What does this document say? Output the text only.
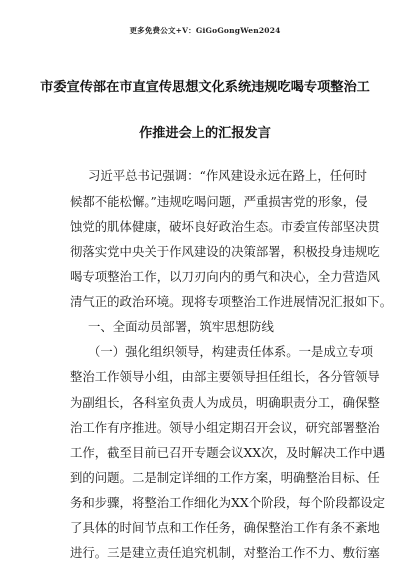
更多免费公文+V：GiGoGongWen2024
市委宣传部在市直宣传思想文化系统违规吃喝专项整治工
作推进会上的汇报发言
习近平总书记强调：“作风建设永远在路上，任何时
候都不能松懈。”违规吃喝问题，严重损害党的形象，侵
蚀党的肌体健康，破坏良好政治生态。市委宣传部坚决贯
彻落实党中央关于作风建设的决策部署，积极投身违规吃
喝专项整治工作，以刀刃向内的勇气和决心，全力营造风
清气正的政治环境。现将专项整治工作进展情况汇报如下。
一、全面动员部署，筑牢思想防线
（一）强化组织领导，构建责任体系。一是成立专项
整治工作领导小组，由部主要领导担任组长，各分管领导
为副组长，各科室负责人为成员，明确职责分工，确保整
治工作有序推进。领导小组定期召开会议，研究部署整治
工作，截至目前已召开专题会议XX次，及时解决工作中遇
到的问题。二是制定详细的工作方案，明确整治目标、任
务和步骤，将整治工作细化为XX个阶段，每个阶段都设定
了具体的时间节点和工作任务，确保整治工作有条不紊地
进行。三是建立责任追究机制，对整治工作不力、敷衍塞
